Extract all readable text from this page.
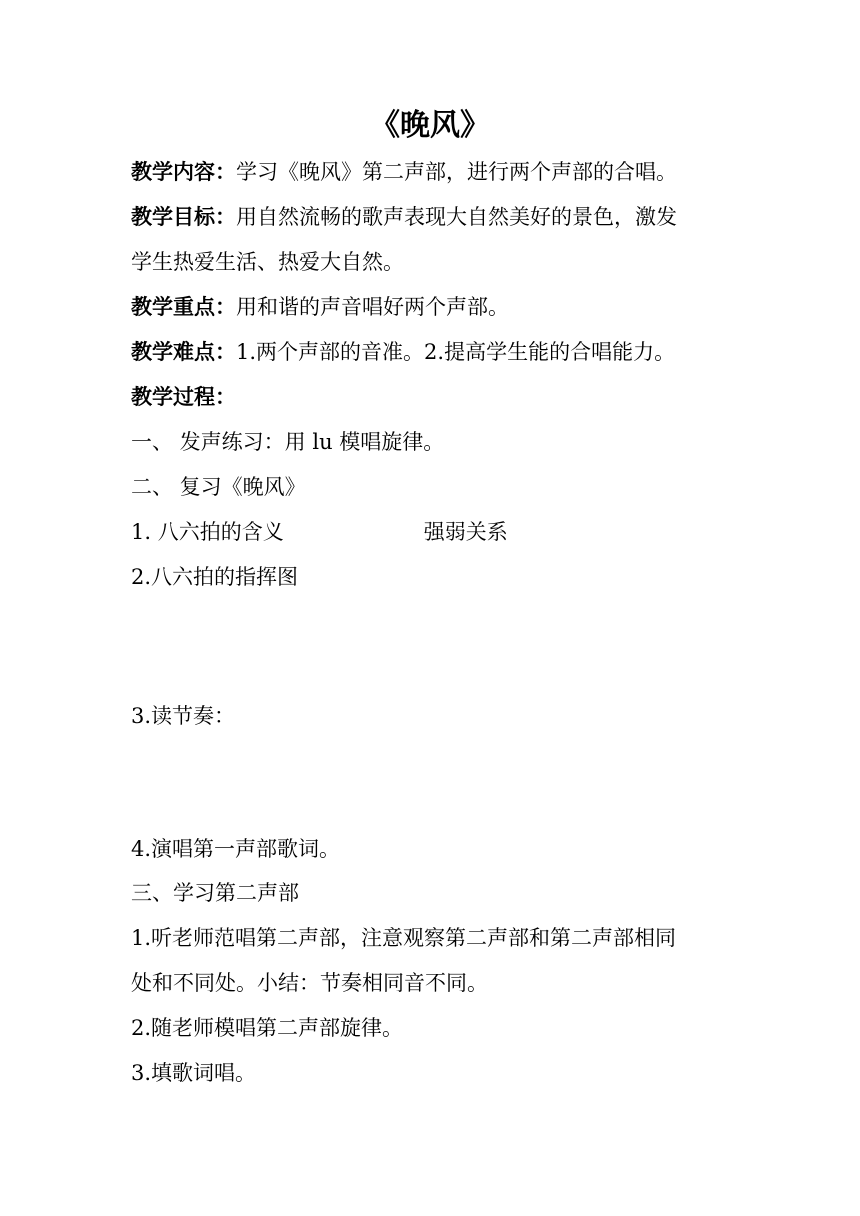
《晚风》
教学内容：学习《晚风》第二声部，进行两个声部的合唱。
教学目标：用自然流畅的歌声表现大自然美好的景色，激发
学生热爱生活、热爱大自然。
教学重点：用和谐的声音唱好两个声部。
教学难点：1.两个声部的音准。2.提高学生能的合唱能力。
教学过程：
一、 发声练习：用 lu 模唱旋律。
二、 复习《晚风》
1. 八六拍的含义	强弱关系
2.八六拍的指挥图
3.读节奏：
4.演唱第一声部歌词。
三、学习第二声部
1.听老师范唱第二声部，注意观察第二声部和第二声部相同
处和不同处。小结：节奏相同音不同。
2.随老师模唱第二声部旋律。
3.填歌词唱。
